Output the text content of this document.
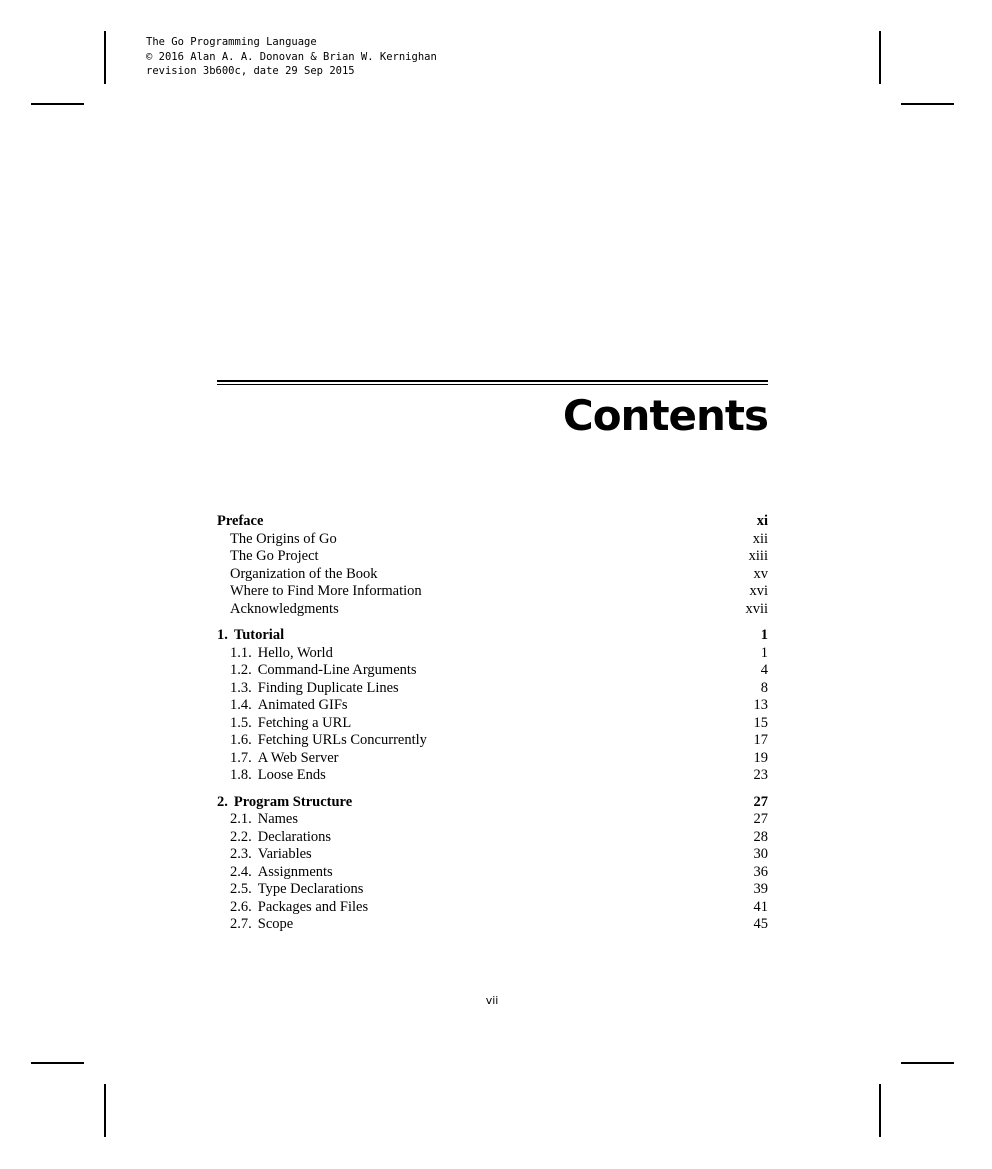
The Go Programming Language
© 2016 Alan A. A. Donovan & Brian W. Kernighan
revision 3b600c, date 29 Sep 2015
Contents
Preface	xi
The Origins of Go	xii
The Go Project	xiii
Organization of the Book	xv
Where to Find More Information	xvi
Acknowledgments	xvii
1. Tutorial	1
1.1. Hello, World	1
1.2. Command-Line Arguments	4
1.3. Finding Duplicate Lines	8
1.4. Animated GIFs	13
1.5. Fetching a URL	15
1.6. Fetching URLs Concurrently	17
1.7. A Web Server	19
1.8. Loose Ends	23
2. Program Structure	27
2.1. Names	27
2.2. Declarations	28
2.3. Variables	30
2.4. Assignments	36
2.5. Type Declarations	39
2.6. Packages and Files	41
2.7. Scope	45
vii
